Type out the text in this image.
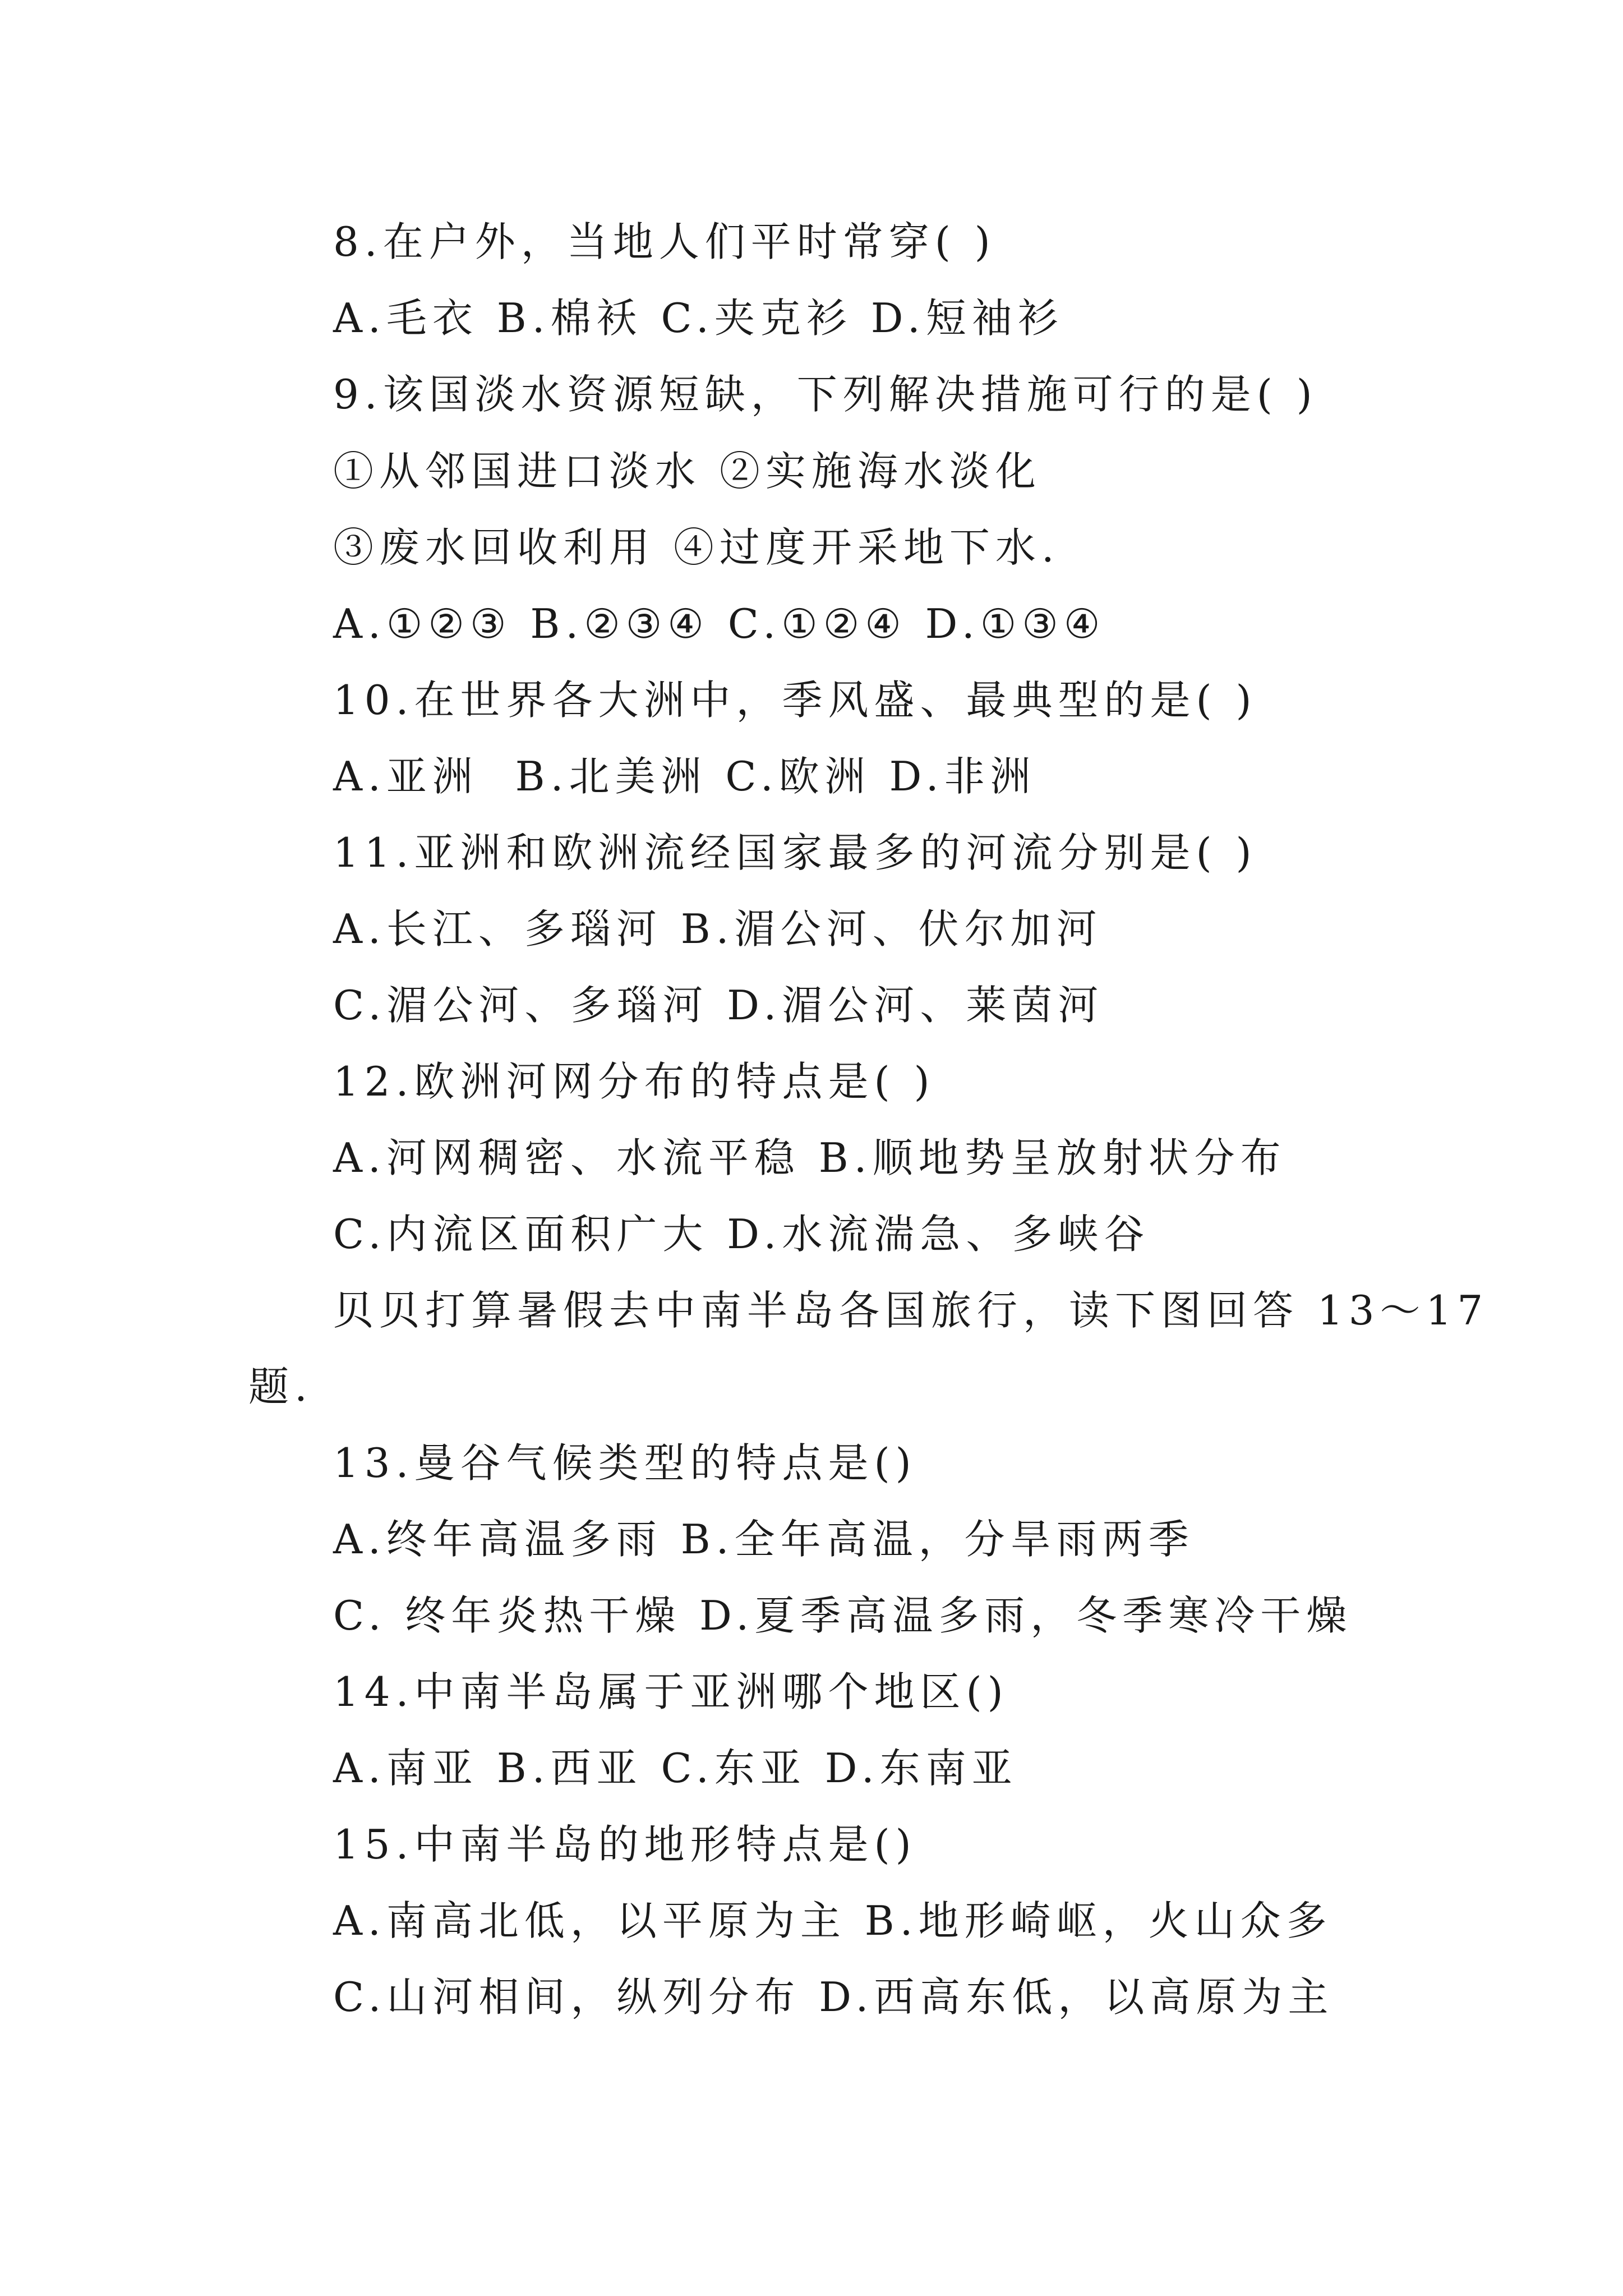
8.在户外，当地人们平时常穿( )
A.毛衣 B.棉袄 C.夹克衫 D.短袖衫
9.该国淡水资源短缺，下列解决措施可行的是( )
①从邻国进口淡水 ②实施海水淡化
③废水回收利用 ④过度开采地下水.
A.①②③ B.②③④ C.①②④ D.①③④
10.在世界各大洲中，季风盛、最典型的是( )
A.亚洲  B.北美洲 C.欧洲 D.非洲
11.亚洲和欧洲流经国家最多的河流分别是( )
A.长江、多瑙河 B.湄公河、伏尔加河
C.湄公河、多瑙河 D.湄公河、莱茵河
12.欧洲河网分布的特点是( )
A.河网稠密、水流平稳 B.顺地势呈放射状分布
C.内流区面积广大 D.水流湍急、多峡谷
贝贝打算暑假去中南半岛各国旅行，读下图回答 13～17
题.
13.曼谷气候类型的特点是()
A.终年高温多雨 B.全年高温，分旱雨两季
C. 终年炎热干燥 D.夏季高温多雨，冬季寒冷干燥
14.中南半岛属于亚洲哪个地区()
A.南亚 B.西亚 C.东亚 D.东南亚
15.中南半岛的地形特点是()
A.南高北低，以平原为主 B.地形崎岖，火山众多
C.山河相间，纵列分布 D.西高东低，以高原为主
